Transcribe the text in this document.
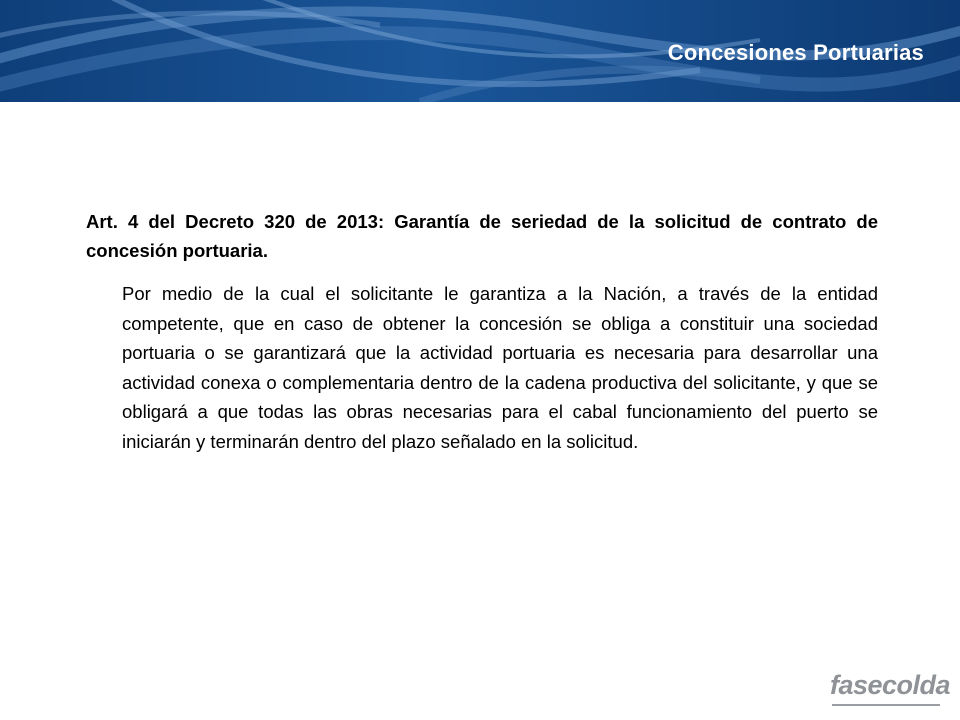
Concesiones Portuarias

Art. 4 del Decreto 320 de 2013: Garantía de seriedad de la solicitud de contrato de concesión portuaria.

Por medio de la cual el solicitante le garantiza a la Nación, a través de la entidad competente, que en caso de obtener la concesión se obliga a constituir una sociedad portuaria o se garantizará que la actividad portuaria es necesaria para desarrollar una actividad conexa o complementaria dentro de la cadena productiva del solicitante, y que se obligará a que todas las obras necesarias para el cabal funcionamiento del puerto se iniciarán y terminarán dentro del plazo señalado en la solicitud.

fasecolda
